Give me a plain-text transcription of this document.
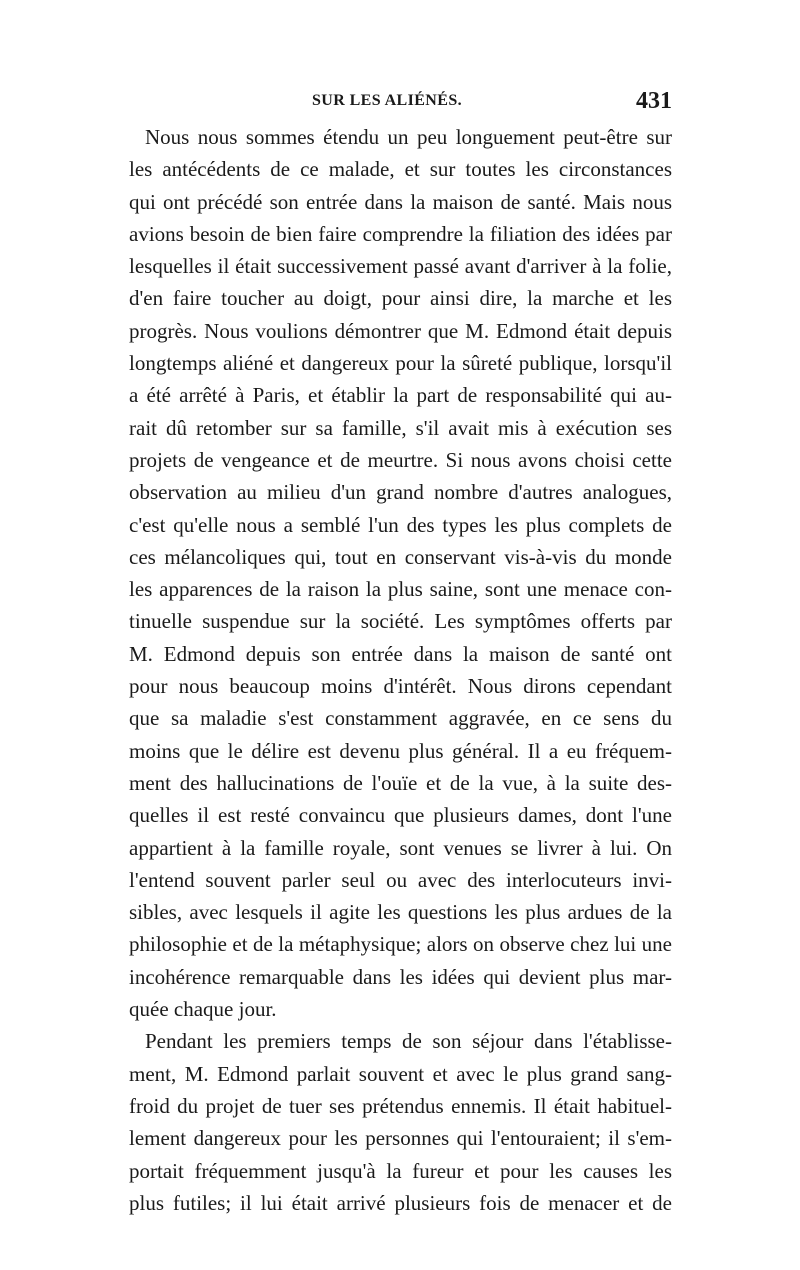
SUR LES ALIÉNÉS.	431
Nous nous sommes étendu un peu longuement peut-être sur
les antécédents de ce malade, et sur toutes les circonstances
qui ont précédé son entrée dans la maison de santé. Mais nous
avions besoin de bien faire comprendre la filiation des idées par
lesquelles il était successivement passé avant d'arriver à la folie,
d'en faire toucher au doigt, pour ainsi dire, la marche et les
progrès. Nous voulions démontrer que M. Edmond était depuis
longtemps aliéné et dangereux pour la sûreté publique, lorsqu'il
a été arrêté à Paris, et établir la part de responsabilité qui au-
rait dû retomber sur sa famille, s'il avait mis à exécution ses
projets de vengeance et de meurtre. Si nous avons choisi cette
observation au milieu d'un grand nombre d'autres analogues,
c'est qu'elle nous a semblé l'un des types les plus complets de
ces mélancoliques qui, tout en conservant vis-à-vis du monde
les apparences de la raison la plus saine, sont une menace con-
tinuelle suspendue sur la société. Les symptômes offerts par
M. Edmond depuis son entrée dans la maison de santé ont
pour nous beaucoup moins d'intérêt. Nous dirons cependant
que sa maladie s'est constamment aggravée, en ce sens du
moins que le délire est devenu plus général. Il a eu fréquem-
ment des hallucinations de l'ouïe et de la vue, à la suite des-
quelles il est resté convaincu que plusieurs dames, dont l'une
appartient à la famille royale, sont venues se livrer à lui. On
l'entend souvent parler seul ou avec des interlocuteurs invi-
sibles, avec lesquels il agite les questions les plus ardues de la
philosophie et de la métaphysique; alors on observe chez lui une
incohérence remarquable dans les idées qui devient plus mar-
quée chaque jour.
Pendant les premiers temps de son séjour dans l'établisse-
ment, M. Edmond parlait souvent et avec le plus grand sang-
froid du projet de tuer ses prétendus ennemis. Il était habituel-
lement dangereux pour les personnes qui l'entouraient; il s'em-
portait fréquemment jusqu'à la fureur et pour les causes les
plus futiles; il lui était arrivé plusieurs fois de menacer et de
